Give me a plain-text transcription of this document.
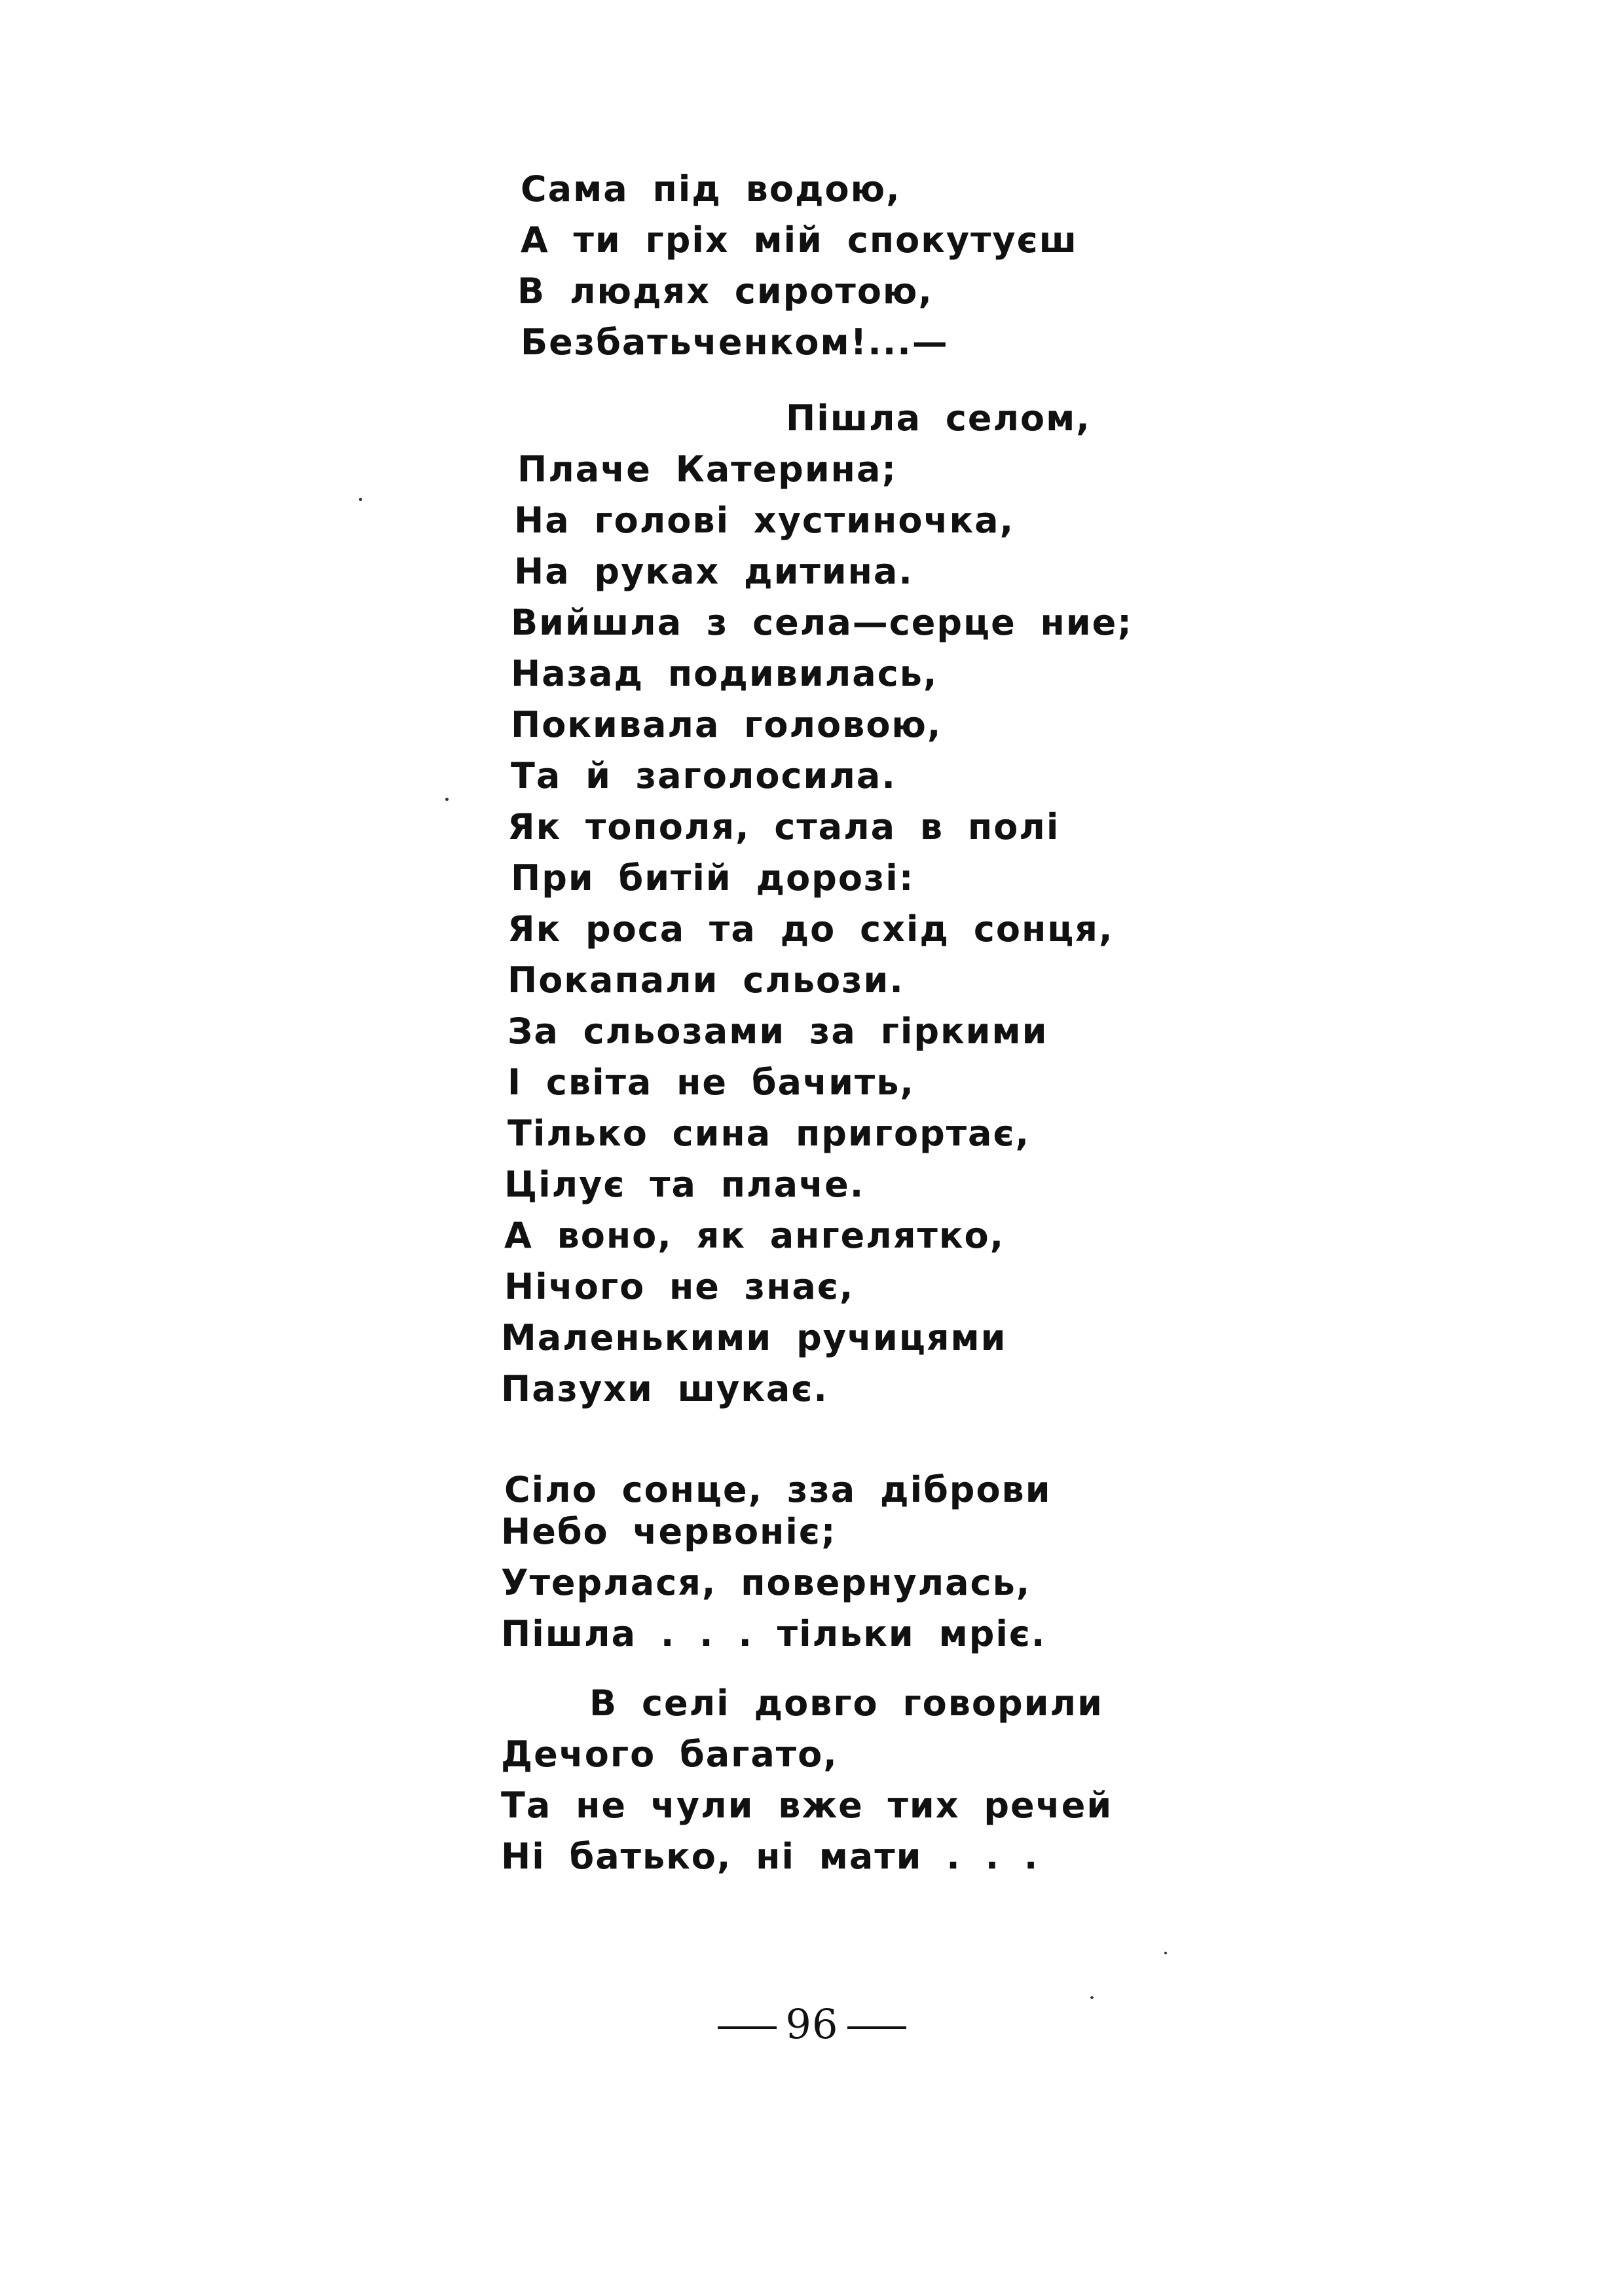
Сама під водою,
А ти гріх мій спокутуєш
В людях сиротою,
Безбатьченком!...—
Пішла селом,
Плаче Катерина;
На голові хустиночка,
На руках дитина.
Вийшла з села—серце ние;
Назад подивилась,
Покивала головою,
Та й заголосила.
Як тополя, стала в полі
При битій дорозі:
Як роса та до схід сонця,
Покапали сльози.
За сльозами за гіркими
І світа не бачить,
Тілько сина пригортає,
Цілує та плаче.
А воно, як ангелятко,
Нічого не знає,
Маленькими ручицями
Пазухи шукає.
Сіло сонце, зза діброви
Небо червоніє;
Утерлася, повернулась,
Пішла . . . тільки мріє.
В селі довго говорили
Дечого багато,
Та не чули вже тих речей
Ні батько, ні мати . . .
96
